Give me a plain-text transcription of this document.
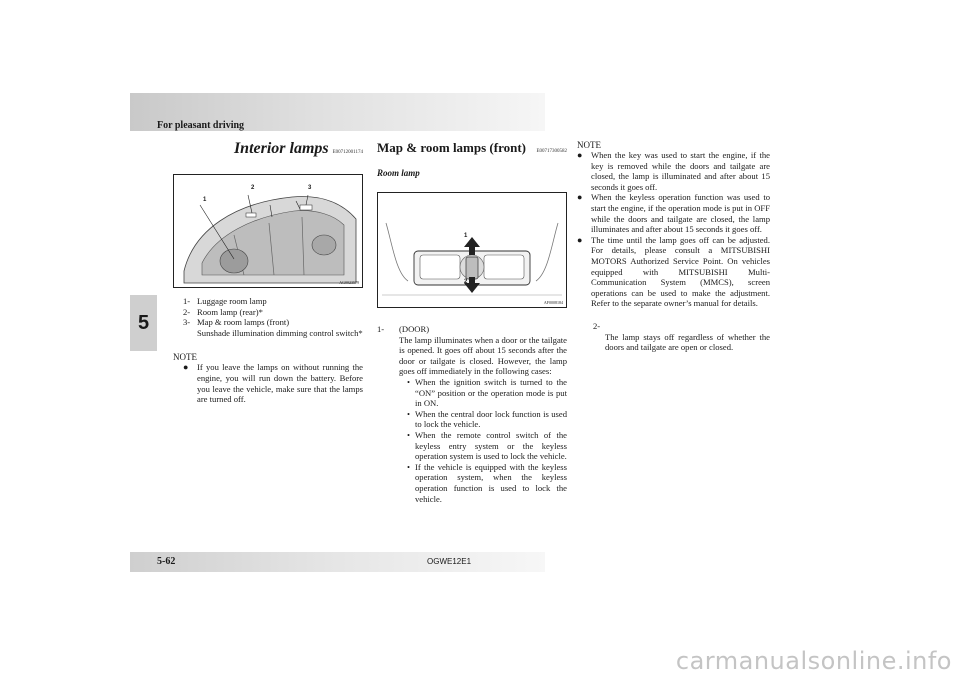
For pleasant driving
5
5-62	OGWE12E1
carmanualsonline.info
Interior lamps E00712001174
1
2	3
AG0023579
1- Luggage room lamp
2- Room lamp (rear)*
3- Map & room lamps (front)
Sunshade illumination dimming control switch*
NOTE
● If you leave the lamps on without running the engine, you will run down the battery. Before you leave the vehicle, make sure that the lamps are turned off.

Map & room lamps (front) E00717300582
Room lamp
1
2
AF0008184
1-	(DOOR)

The lamp illuminates when a door or the tailgate is opened. It goes off about 15 seconds after the door or tailgate is closed. However, the lamp goes off immediately in the following cases:

• When the ignition switch is turned to the “ON” position or the operation mode is put in ON.

• When the central door lock function is used to lock the vehicle.

• When the remote control switch of the keyless entry system or the keyless operation system is used to lock the vehicle.

• If the vehicle is equipped with the keyless operation system, when the keyless operation function is used to lock the vehicle.

NOTE
● When the key was used to start the engine, if the key is removed while the doors and tailgate are closed, the lamp is illuminated and after about 15 seconds it goes off.

● When the keyless operation function was used to start the engine, if the operation mode is put in OFF while the doors and tailgate are closed, the lamp illuminates and after about 15 seconds it goes off.

● The time until the lamp goes off can be adjusted. For details, please consult a MITSUBISHI MOTORS Authorized Service Point. On vehicles equipped with MITSUBISHI Multi-Communication System (MMCS), screen operations can be used to make the adjustment. Refer to the separate owner’s manual for details.

2-

The lamp stays off regardless of whether the doors and tailgate are open or closed.
